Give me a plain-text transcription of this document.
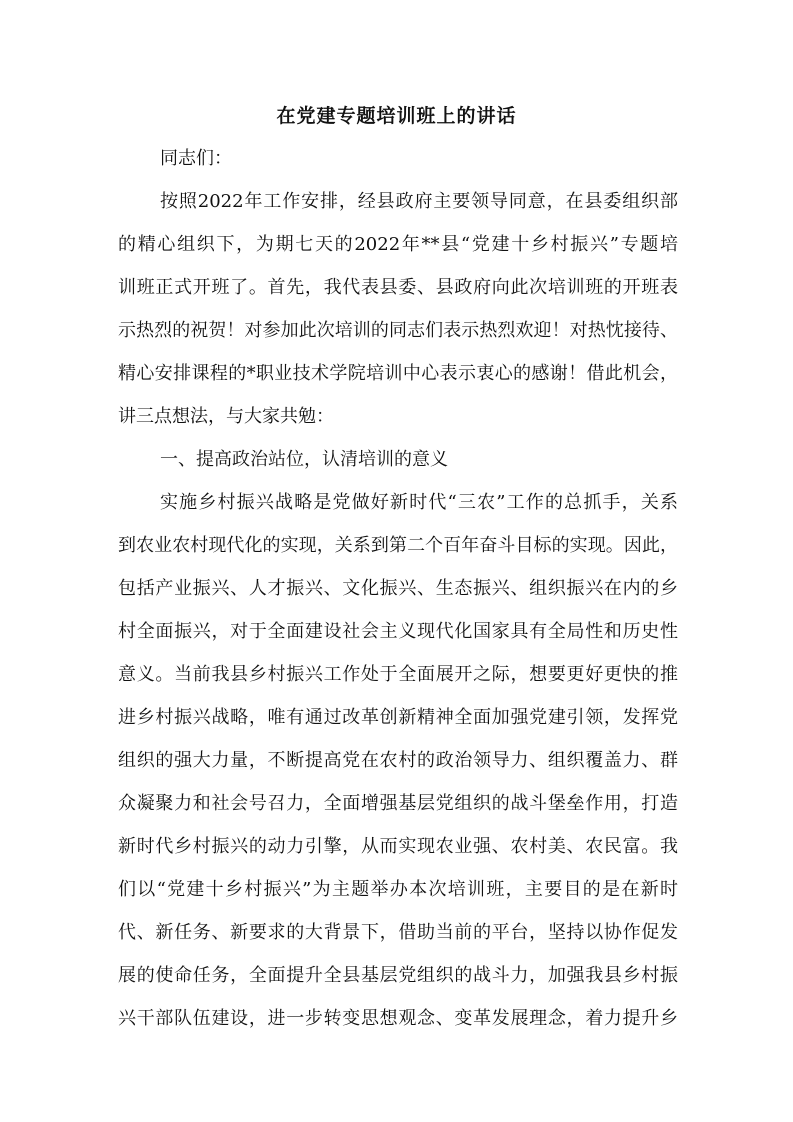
在党建专题培训班上的讲话
同志们：
按照2022年工作安排，经县政府主要领导同意，在县委组织部
的精心组织下，为期七天的2022年**县“党建十乡村振兴”专题培
训班正式开班了。首先，我代表县委、县政府向此次培训班的开班表
示热烈的祝贺！对参加此次培训的同志们表示热烈欢迎！对热忱接待、
精心安排课程的*职业技术学院培训中心表示衷心的感谢！借此机会，
讲三点想法，与大家共勉：
一、提高政治站位，认清培训的意义
实施乡村振兴战略是党做好新时代“三农”工作的总抓手，关系
到农业农村现代化的实现，关系到第二个百年奋斗目标的实现。因此，
包括产业振兴、人才振兴、文化振兴、生态振兴、组织振兴在内的乡
村全面振兴，对于全面建设社会主义现代化国家具有全局性和历史性
意义。当前我县乡村振兴工作处于全面展开之际，想要更好更快的推
进乡村振兴战略，唯有通过改革创新精神全面加强党建引领，发挥党
组织的强大力量，不断提高党在农村的政治领导力、组织覆盖力、群
众凝聚力和社会号召力，全面增强基层党组织的战斗堡垒作用，打造
新时代乡村振兴的动力引擎，从而实现农业强、农村美、农民富。我
们以“党建十乡村振兴”为主题举办本次培训班，主要目的是在新时
代、新任务、新要求的大背景下，借助当前的平台，坚持以协作促发
展的使命任务，全面提升全县基层党组织的战斗力，加强我县乡村振
兴干部队伍建设，进一步转变思想观念、变革发展理念，着力提升乡
